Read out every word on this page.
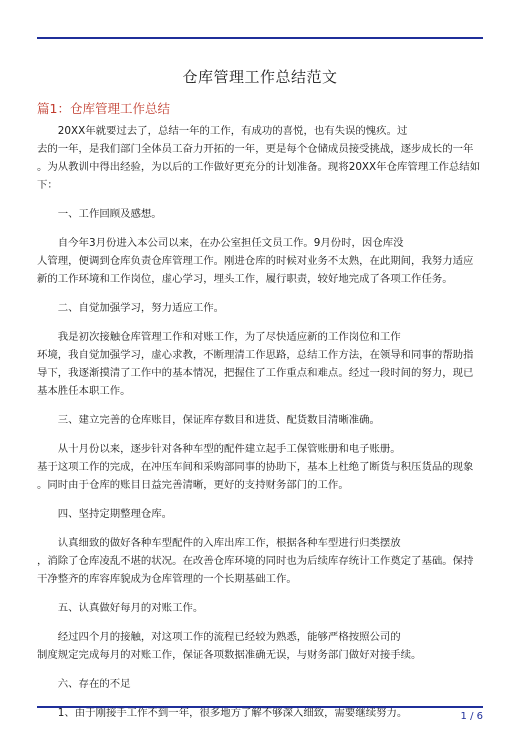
仓库管理工作总结范文
篇1：仓库管理工作总结

　　20XX年就要过去了，总结一年的工作，有成功的喜悦，也有失误的愧疚。过
去的一年，是我们部门全体员工奋力开拓的一年，更是每个仓储成员接受挑战，逐步成长的一年
。为从教训中得出经验，为以后的工作做好更充分的计划准备。现将20XX年仓库管理工作总结如
下：

　　一、工作回顾及感想。

　　自今年3月份进入本公司以来，在办公室担任文员工作。9月份时，因仓库没
人管理，便调到仓库负责仓库管理工作。刚进仓库的时候对业务不太熟，在此期间，我努力适应
新的工作环境和工作岗位，虚心学习，埋头工作，履行职责，较好地完成了各项工作任务。

　　二、自觉加强学习，努力适应工作。

　　我是初次接触仓库管理工作和对账工作，为了尽快适应新的工作岗位和工作
环境，我自觉加强学习，虚心求教，不断理清工作思路，总结工作方法，在领导和同事的帮助指
导下，我逐渐摸清了工作中的基本情况，把握住了工作重点和难点。经过一段时间的努力，现已
基本胜任本职工作。

　　三、建立完善的仓库账目，保证库存数目和进货、配货数目清晰准确。

　　从十月份以来，逐步针对各种车型的配件建立起手工保管账册和电子账册。
基于这项工作的完成，在冲压车间和采购部同事的协助下，基本上杜绝了断货与积压货品的现象
。同时由于仓库的账目日益完善清晰，更好的支持财务部门的工作。

　　四、坚持定期整理仓库。

　　认真细致的做好各种车型配件的入库出库工作，根据各种车型进行归类摆放
，消除了仓库凌乱不堪的状况。在改善仓库环境的同时也为后续库存统计工作奠定了基础。保持
干净整齐的库容库貌成为仓库管理的一个长期基础工作。

　　五、认真做好每月的对账工作。

　　经过四个月的接触，对这项工作的流程已经较为熟悉，能够严格按照公司的
制度规定完成每月的对账工作，保证各项数据准确无误，与财务部门做好对接手续。

　　六、存在的不足

　　1、由于刚接手工作不到一年，很多地方了解不够深入细致，需要继续努力。	1 / 6
